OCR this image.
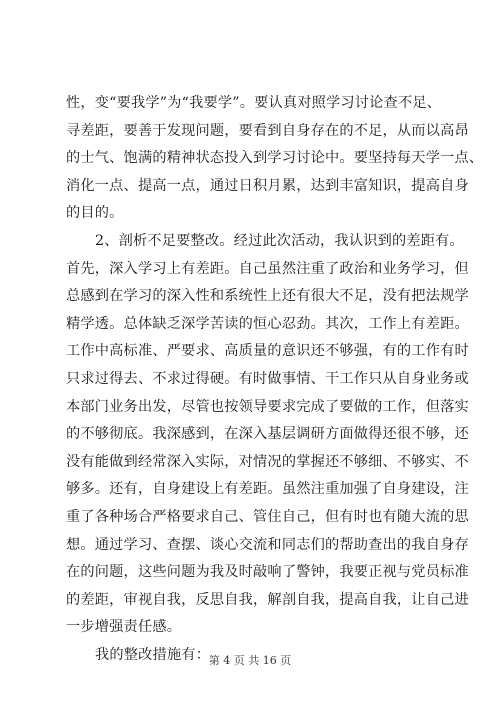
性，变“要我学”为“我要学”。要认真对照学习讨论查不足、
寻差距，要善于发现问题，要看到自身存在的不足，从而以高昂
的士气、饱满的精神状态投入到学习讨论中。要坚持每天学一点、
消化一点、提高一点，通过日积月累，达到丰富知识，提高自身
的目的。
2、剖析不足要整改。经过此次活动，我认识到的差距有。
首先，深入学习上有差距。自己虽然注重了政治和业务学习，但
总感到在学习的深入性和系统性上还有很大不足，没有把法规学
精学透。总体缺乏深学苦读的恒心忍劲。其次，工作上有差距。
工作中高标准、严要求、高质量的意识还不够强，有的工作有时
只求过得去、不求过得硬。有时做事情、干工作只从自身业务或
本部门业务出发，尽管也按领导要求完成了要做的工作，但落实
的不够彻底。我深感到，在深入基层调研方面做得还很不够，还
没有能做到经常深入实际，对情况的掌握还不够细、不够实、不
够多。还有，自身建设上有差距。虽然注重加强了自身建设，注
重了各种场合严格要求自己、管住自己，但有时也有随大流的思
想。通过学习、查摆、谈心交流和同志们的帮助查出的我自身存
在的问题，这些问题为我及时敲响了警钟，我要正视与党员标准
的差距，审视自我，反思自我，解剖自我，提高自我，让自己进
一步增强责任感。
我的整改措施有：
第 4 页 共 16 页
